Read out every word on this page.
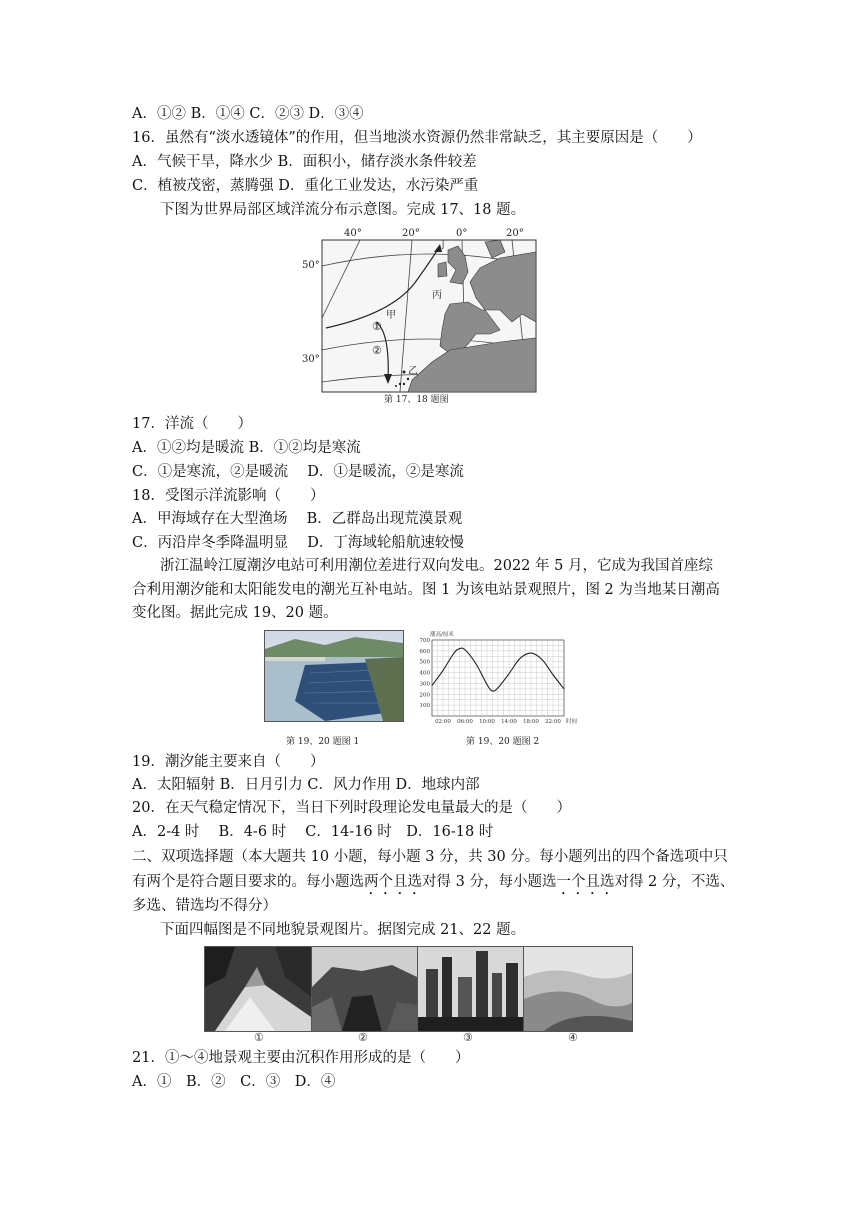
A．①② B．①④ C．②③ D．③④
16．虽然有“淡水透镜体”的作用，但当地淡水资源仍然非常缺乏，其主要原因是（　　）
A．气候干旱，降水少 B．面积小，储存淡水条件较差
C．植被茂密，蒸腾强 D．重化工业发达，水污染严重
下图为世界局部区域洋流分布示意图。完成 17、18 题。
40°	20°	0°	20°
50°
30°
①
②
甲
乙
丙
丁
第 17、18 题图
17．洋流（　　）
A．①②均是暖流 B．①②均是寒流
C．①是寒流，②是暖流　 D．①是暖流，②是寒流
18．受图示洋流影响（　　）
A．甲海域存在大型渔场　 B．乙群岛出现荒漠景观
C．丙沿岸冬季降温明显　 D．丁海域轮船航速较慢
浙江温岭江厦潮汐电站可利用潮位差进行双向发电。2022 年 5 月，它成为我国首座综
合利用潮汐能和太阳能发电的潮光互补电站。图 1 为该电站景观照片，图 2 为当地某日潮高
变化图。据此完成 19、20 题。
第 19、20 题图 1
100
200
300
400
500
600
700
02:00 06:00 10:00 14:00 18:00 22:00
潮高/厘米
时间
第 19、20 题图 2
19．潮汐能主要来自（　　）
A．太阳辐射 B．日月引力 C．风力作用 D．地球内部
20．在天气稳定情况下，当日下列时段理论发电量最大的是（　　）
A．2-4 时　 B．4-6 时　 C．14-16 时　D．16-18 时
二、双项选择题（本大题共 10 小题，每小题 3 分，共 30 分。每小题列出的四个备选项中只
有两个是符合题目要求的。每小题选两个且选对得 3 分，每小题选一个且选对得 2 分，不选、
多选、错选均不得分）
下面四幅图是不同地貌景观图片。据图完成 21、22 题。
①	②	③	④
21．①～④地景观主要由沉积作用形成的是（　　）
A．①　B．②　C．③　D．④
